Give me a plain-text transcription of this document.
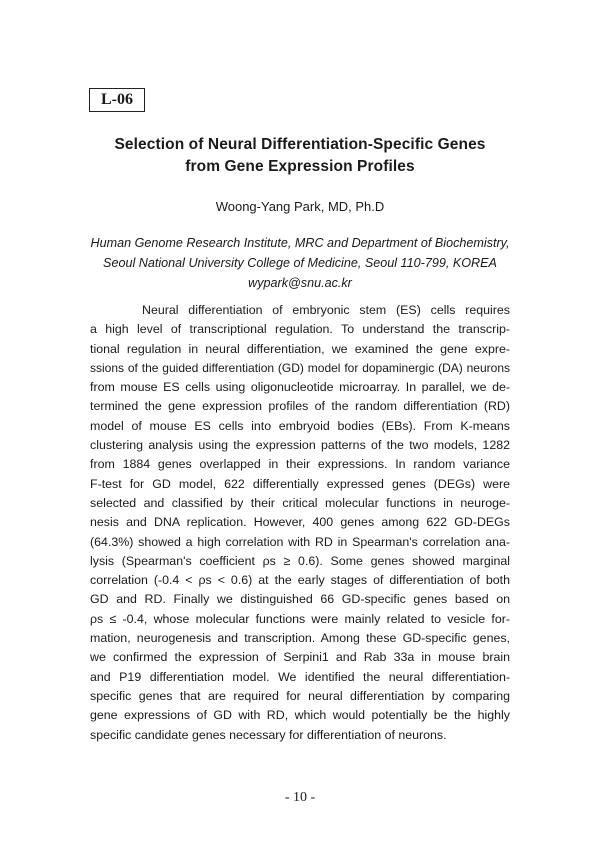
L-06
Selection of Neural Differentiation-Specific Genes
from Gene Expression Profiles
Woong-Yang Park, MD, Ph.D
Human Genome Research Institute, MRC and Department of Biochemistry,
Seoul National University College of Medicine, Seoul 110-799, KOREA
wypark@snu.ac.kr
Neural differentiation of embryonic stem (ES) cells requires
a high level of transcriptional regulation. To understand the transcrip-
tional regulation in neural differentiation, we examined the gene expre-
ssions of the guided differentiation (GD) model for dopaminergic (DA) neurons
from mouse ES cells using oligonucleotide microarray. In parallel, we de-
termined the gene expression profiles of the random differentiation (RD)
model of mouse ES cells into embryoid bodies (EBs). From K-means
clustering analysis using the expression patterns of the two models, 1282
from 1884 genes overlapped in their expressions. In random variance
F-test for GD model, 622 differentially expressed genes (DEGs) were
selected and classified by their critical molecular functions in neuroge-
nesis and DNA replication. However, 400 genes among 622 GD-DEGs
(64.3%) showed a high correlation with RD in Spearman's correlation ana-
lysis (Spearman's coefficient ρs ≥ 0.6). Some genes showed marginal
correlation (-0.4 < ρs < 0.6) at the early stages of differentiation of both
GD and RD. Finally we distinguished 66 GD-specific genes based on
ρs ≤ -0.4, whose molecular functions were mainly related to vesicle for-
mation, neurogenesis and transcription. Among these GD-specific genes,
we confirmed the expression of Serpini1 and Rab 33a in mouse brain
and P19 differentiation model. We identified the neural differentiation-
specific genes that are required for neural differentiation by comparing
gene expressions of GD with RD, which would potentially be the highly
specific candidate genes necessary for differentiation of neurons.
- 10 -
